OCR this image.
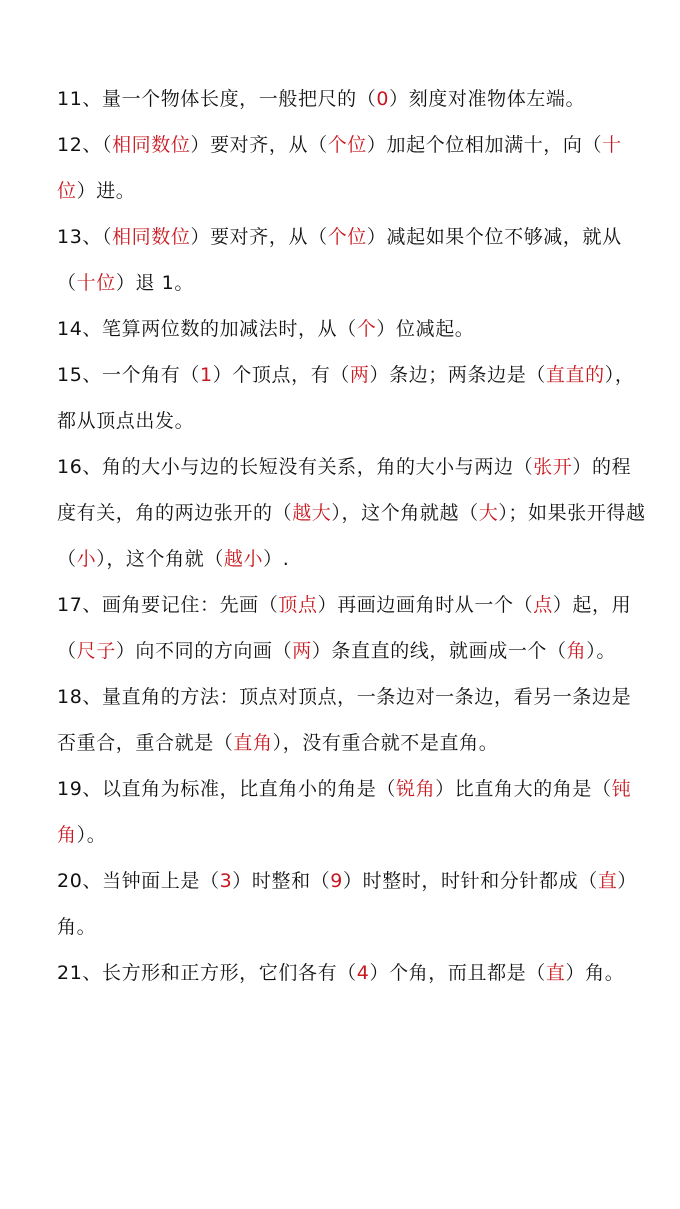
11、量一个物体长度，一般把尺的（0）刻度对准物体左端。

12、（相同数位）要对齐，从（个位）加起个位相加满十，向（十位）进。

13、（相同数位）要对齐，从（个位）减起如果个位不够减，就从（十位）退 1。

14、笔算两位数的加减法时，从（个）位减起。

15、一个角有（1）个顶点，有（两）条边；两条边是（直直的），都从顶点出发。

16、角的大小与边的长短没有关系，角的大小与两边（张开）的程度有关，角的两边张开的（越大），这个角就越（大）；如果张开得越（小），这个角就（越小）.

17、画角要记住：先画（顶点）再画边画角时从一个（点）起，用（尺子）向不同的方向画（两）条直直的线，就画成一个（角）。

18、量直角的方法：顶点对顶点，一条边对一条边，看另一条边是否重合，重合就是（直角），没有重合就不是直角。

19、以直角为标准，比直角小的角是（锐角）比直角大的角是（钝角）。

20、当钟面上是（3）时整和（9）时整时，时针和分针都成（直）角。

21、长方形和正方形，它们各有（4）个角，而且都是（直）角。
